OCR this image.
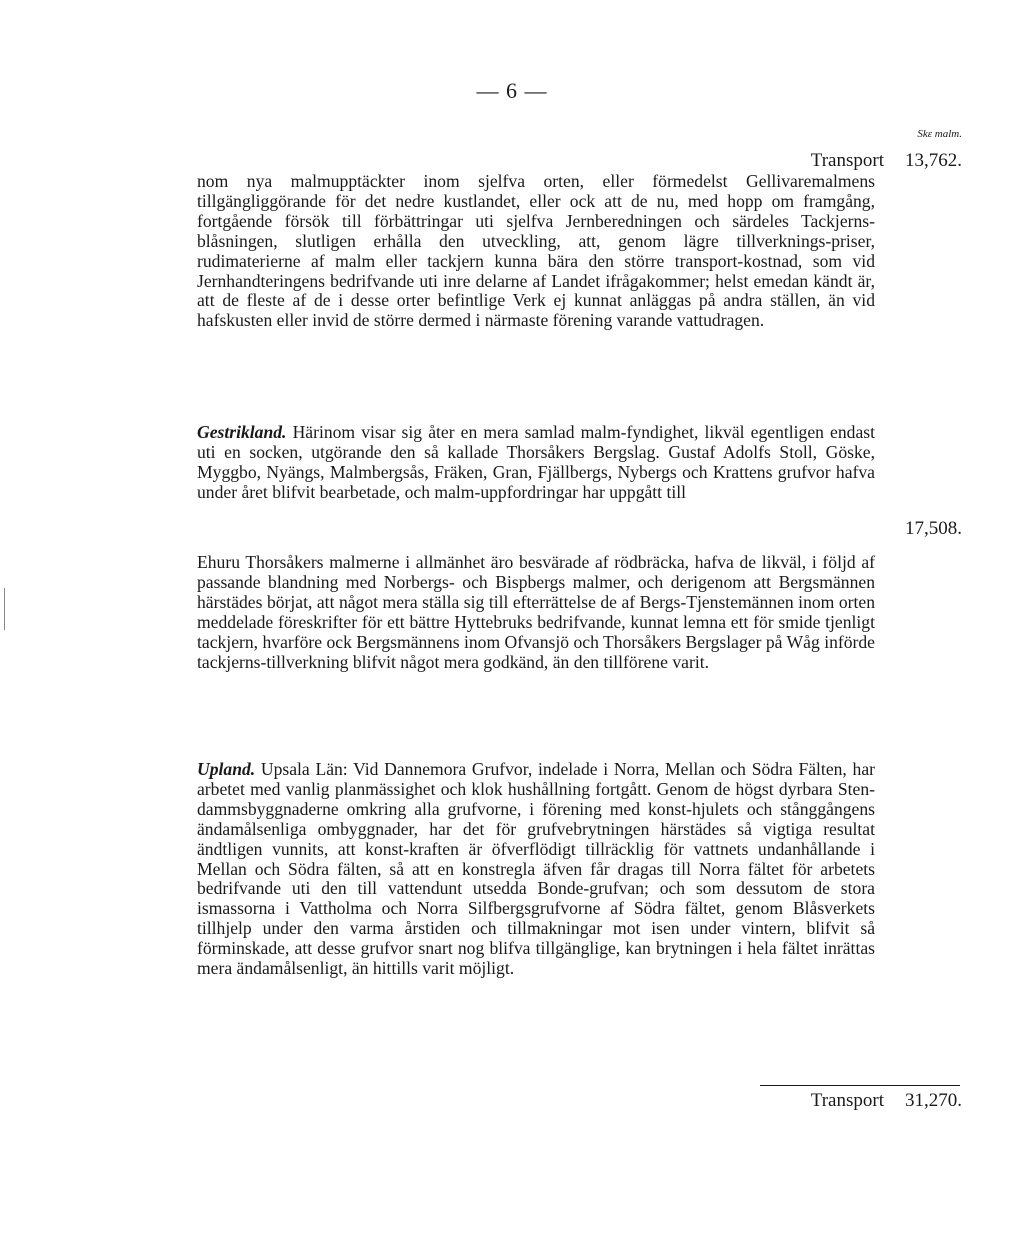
— 6 —
Skε malm.
Transport	13,762.

nom nya malmupptäckter inom sjelfva orten, eller förmedelst Gellivaremalmens tillgängliggörande för det nedre kustlandet, eller ock att de nu, med hopp om framgång, fortgående försök till förbättringar uti sjelfva Jernberedningen och särdeles Tackjerns-blåsningen, slutligen erhålla den utveckling, att, genom lägre tillverknings-priser, rudimaterierne af malm eller tackjern kunna bära den större transport-kostnad, som vid Jernhandteringens bedrifvande uti inre delarne af Landet ifrågakommer; helst emedan kändt är, att de fleste af de i desse orter befintlige Verk ej kunnat anläggas på andra ställen, än vid hafskusten eller invid de större dermed i närmaste förening varande vattudragen.

Gestrikland. Härinom visar sig åter en mera samlad malm-fyndighet, likväl egentligen endast uti en socken, utgörande den så kallade Thorsåkers Bergslag. Gustaf Adolfs Stoll, Göske, Myggbo, Nyängs, Malmbergsås, Fräken, Gran, Fjällbergs, Nybergs och Krattens grufvor hafva under året blifvit bearbetade, och malm-uppfordringar har uppgått till

17,508.

Ehuru Thorsåkers malmerne i allmänhet äro besvärade af rödbräcka, hafva de likväl, i följd af passande blandning med Norbergs- och Bispbergs malmer, och derigenom att Bergsmännen härstädes börjat, att något mera ställa sig till efterrättelse de af Bergs-Tjenstemännen inom orten meddelade föreskrifter för ett bättre Hyttebruks bedrifvande, kunnat lemna ett för smide tjenligt tackjern, hvarföre ock Bergsmännens inom Ofvansjö och Thorsåkers Bergslager på Wåg införde tackjerns-tillverkning blifvit något mera godkänd, än den tillförene varit.

Upland. Upsala Län: Vid Dannemora Grufvor, indelade i Norra, Mellan och Södra Fälten, har arbetet med vanlig planmässighet och klok hushållning fortgått. Genom de högst dyrbara Sten-dammsbyggnaderne omkring alla grufvorne, i förening med konst-hjulets och stånggångens ändamålsenliga ombyggnader, har det för grufvebrytningen härstädes så vigtiga resultat ändtligen vunnits, att konst-kraften är öfverflödigt tillräcklig för vattnets undanhållande i Mellan och Södra fälten, så att en konstregla äfven får dragas till Norra fältet för arbetets bedrifvande uti den till vattendunt utsedda Bonde-grufvan; och som dessutom de stora ismassorna i Vattholma och Norra Silfbergsgrufvorne af Södra fältet, genom Blåsverkets tillhjelp under den varma årstiden och tillmakningar mot isen under vintern, blifvit så förminskade, att desse grufvor snart nog blifva tillgänglige, kan brytningen i hela fältet inrättas mera ändamålsenligt, än hittills varit möjligt.

Transport	31,270.
